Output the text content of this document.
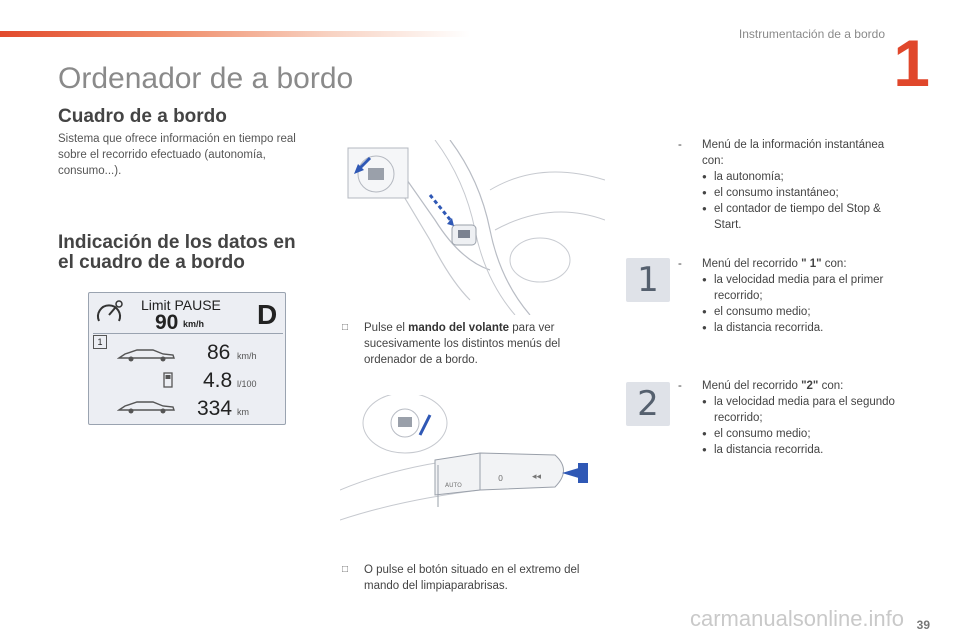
Instrumentación de a bordo 1
Ordenador de a bordo
Cuadro de a bordo

Sistema que ofrece información en tiempo real sobre el recorrido efectuado (autonomía, consumo...).

Indicación de los datos en
el cuadro de a bordo
Limit PAUSE
90 km/h D
1	86 km/h
4.8 l/100
334 km
□ Pulse el mando del volante para ver sucesivamente los distintos menús del ordenador de a bordo.
AUTO
0	◂◂
□ O pulse el botón situado en el extremo del mando del limpiaparabrisas.
-	Menú de la información instantánea con:
● la autonomía;
● el consumo instantáneo;
● el contador de tiempo del Stop & Start.
1	-	Menú del recorrido " 1" con:
● la velocidad media para el primer recorrido;
● el consumo medio;
● la distancia recorrida.
2	-	Menú del recorrido "2" con:
● la velocidad media para el segundo recorrido;
● el consumo medio;
● la distancia recorrida.
carmanualsonline.info 39
